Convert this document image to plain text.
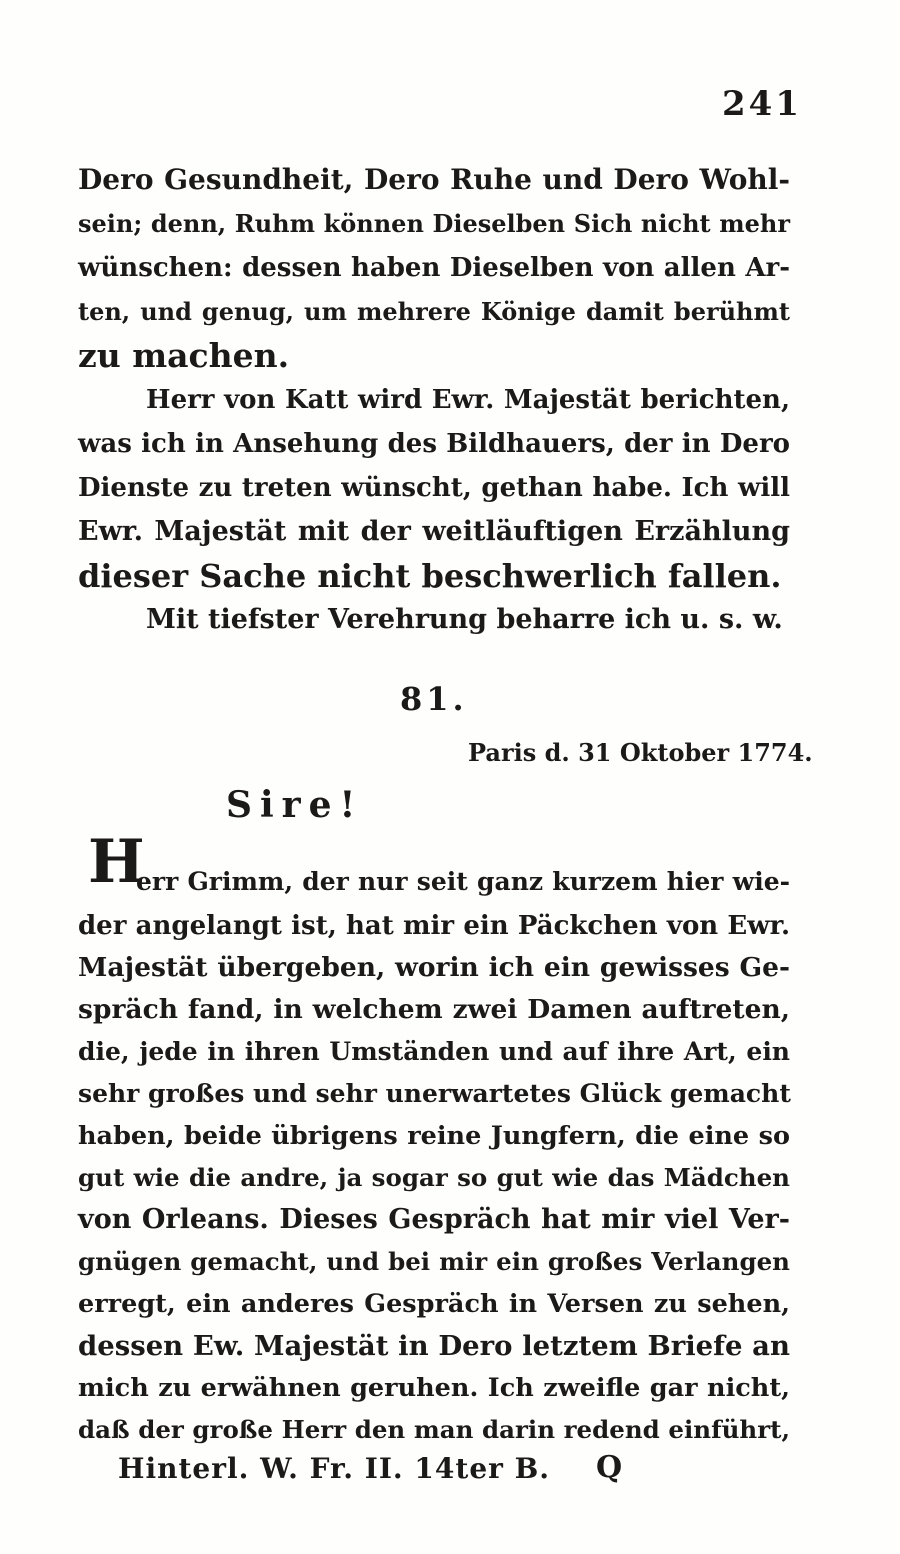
241
Dero Gesundheit, Dero Ruhe und Dero Wohl-
sein; denn, Ruhm können Dieselben Sich nicht mehr
wünschen: dessen haben Dieselben von allen Ar-
ten, und genug, um mehrere Könige damit berühmt
zu machen.
Herr von Katt wird Ewr. Majestät berichten,
was ich in Ansehung des Bildhauers, der in Dero
Dienste zu treten wünscht, gethan habe. Ich will
Ewr. Majestät mit der weitläuftigen Erzählung
dieser Sache nicht beschwerlich fallen.
Mit tiefster Verehrung beharre ich u. s. w.
81.
Paris d. 31 Oktober 1774.
Sire!
H
err Grimm, der nur seit ganz kurzem hier wie-
der angelangt ist, hat mir ein Päckchen von Ewr.
Majestät übergeben, worin ich ein gewisses Ge-
spräch fand, in welchem zwei Damen auftreten,
die, jede in ihren Umständen und auf ihre Art, ein
sehr großes und sehr unerwartetes Glück gemacht
haben, beide übrigens reine Jungfern, die eine so
gut wie die andre, ja sogar so gut wie das Mädchen
von Orleans. Dieses Gespräch hat mir viel Ver-
gnügen gemacht, und bei mir ein großes Verlangen
erregt, ein anderes Gespräch in Versen zu sehen,
dessen Ew. Majestät in Dero letztem Briefe an
mich zu erwähnen geruhen. Ich zweifle gar nicht,
daß der große Herr den man darin redend einführt,
Hinterl. W. Fr. II. 14ter B. Q
